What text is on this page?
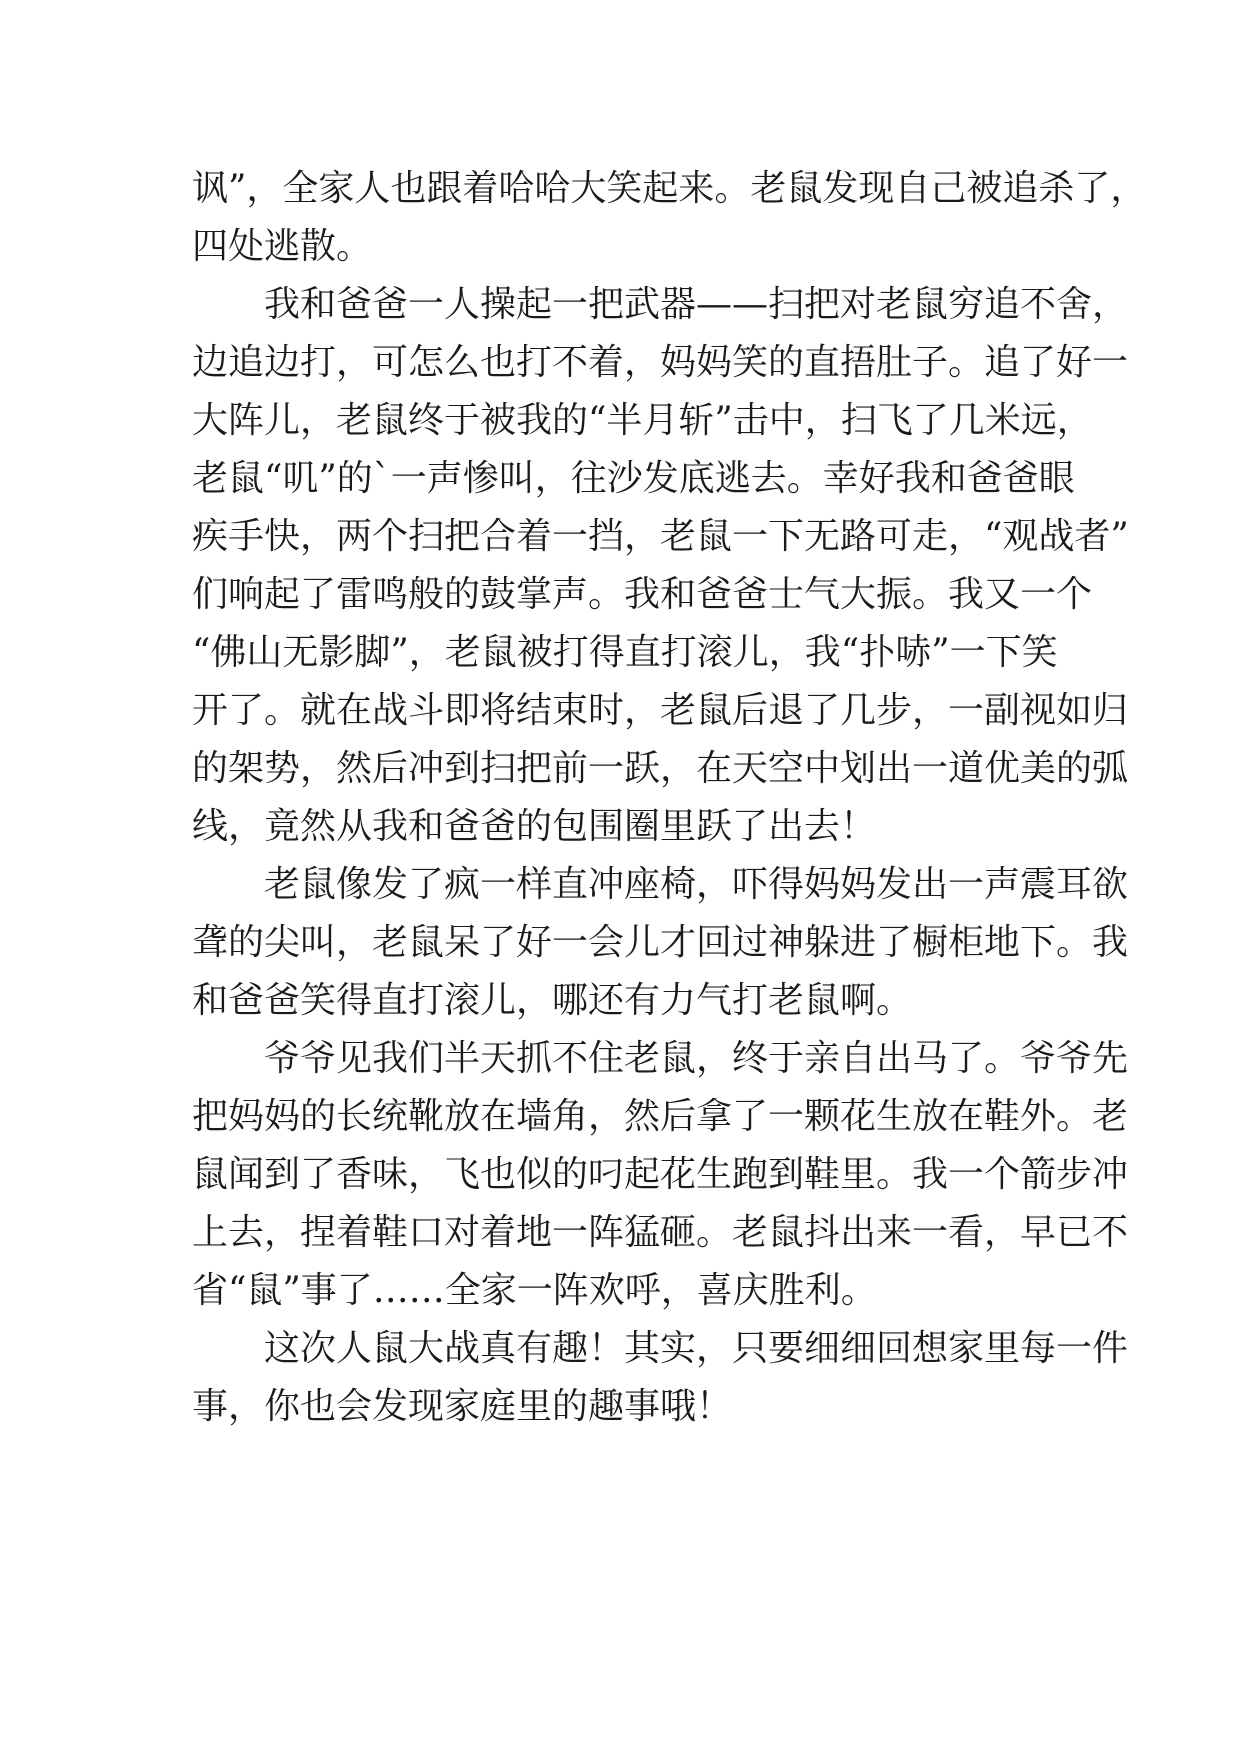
讽”，全家人也跟着哈哈大笑起来。老鼠发现自己被追杀了，
四处逃散。
我和爸爸一人操起一把武器——扫把对老鼠穷追不舍，
边追边打，可怎么也打不着，妈妈笑的直捂肚子。追了好一
大阵儿，老鼠终于被我的“半月斩”击中，扫飞了几米远，
老鼠“叽”的`一声惨叫，往沙发底逃去。幸好我和爸爸眼
疾手快，两个扫把合着一挡，老鼠一下无路可走，“观战者”
们响起了雷鸣般的鼓掌声。我和爸爸士气大振。我又一个
“佛山无影脚”，老鼠被打得直打滚儿，我“扑哧”一下笑
开了。就在战斗即将结束时，老鼠后退了几步，一副视如归
的架势，然后冲到扫把前一跃，在天空中划出一道优美的弧
线，竟然从我和爸爸的包围圈里跃了出去！
老鼠像发了疯一样直冲座椅，吓得妈妈发出一声震耳欲
聋的尖叫，老鼠呆了好一会儿才回过神躲进了橱柜地下。我
和爸爸笑得直打滚儿，哪还有力气打老鼠啊。
爷爷见我们半天抓不住老鼠，终于亲自出马了。爷爷先
把妈妈的长统靴放在墙角，然后拿了一颗花生放在鞋外。老
鼠闻到了香味，飞也似的叼起花生跑到鞋里。我一个箭步冲
上去，捏着鞋口对着地一阵猛砸。老鼠抖出来一看，早已不
省“鼠”事了……全家一阵欢呼，喜庆胜利。
这次人鼠大战真有趣！其实，只要细细回想家里每一件
事，你也会发现家庭里的趣事哦！
